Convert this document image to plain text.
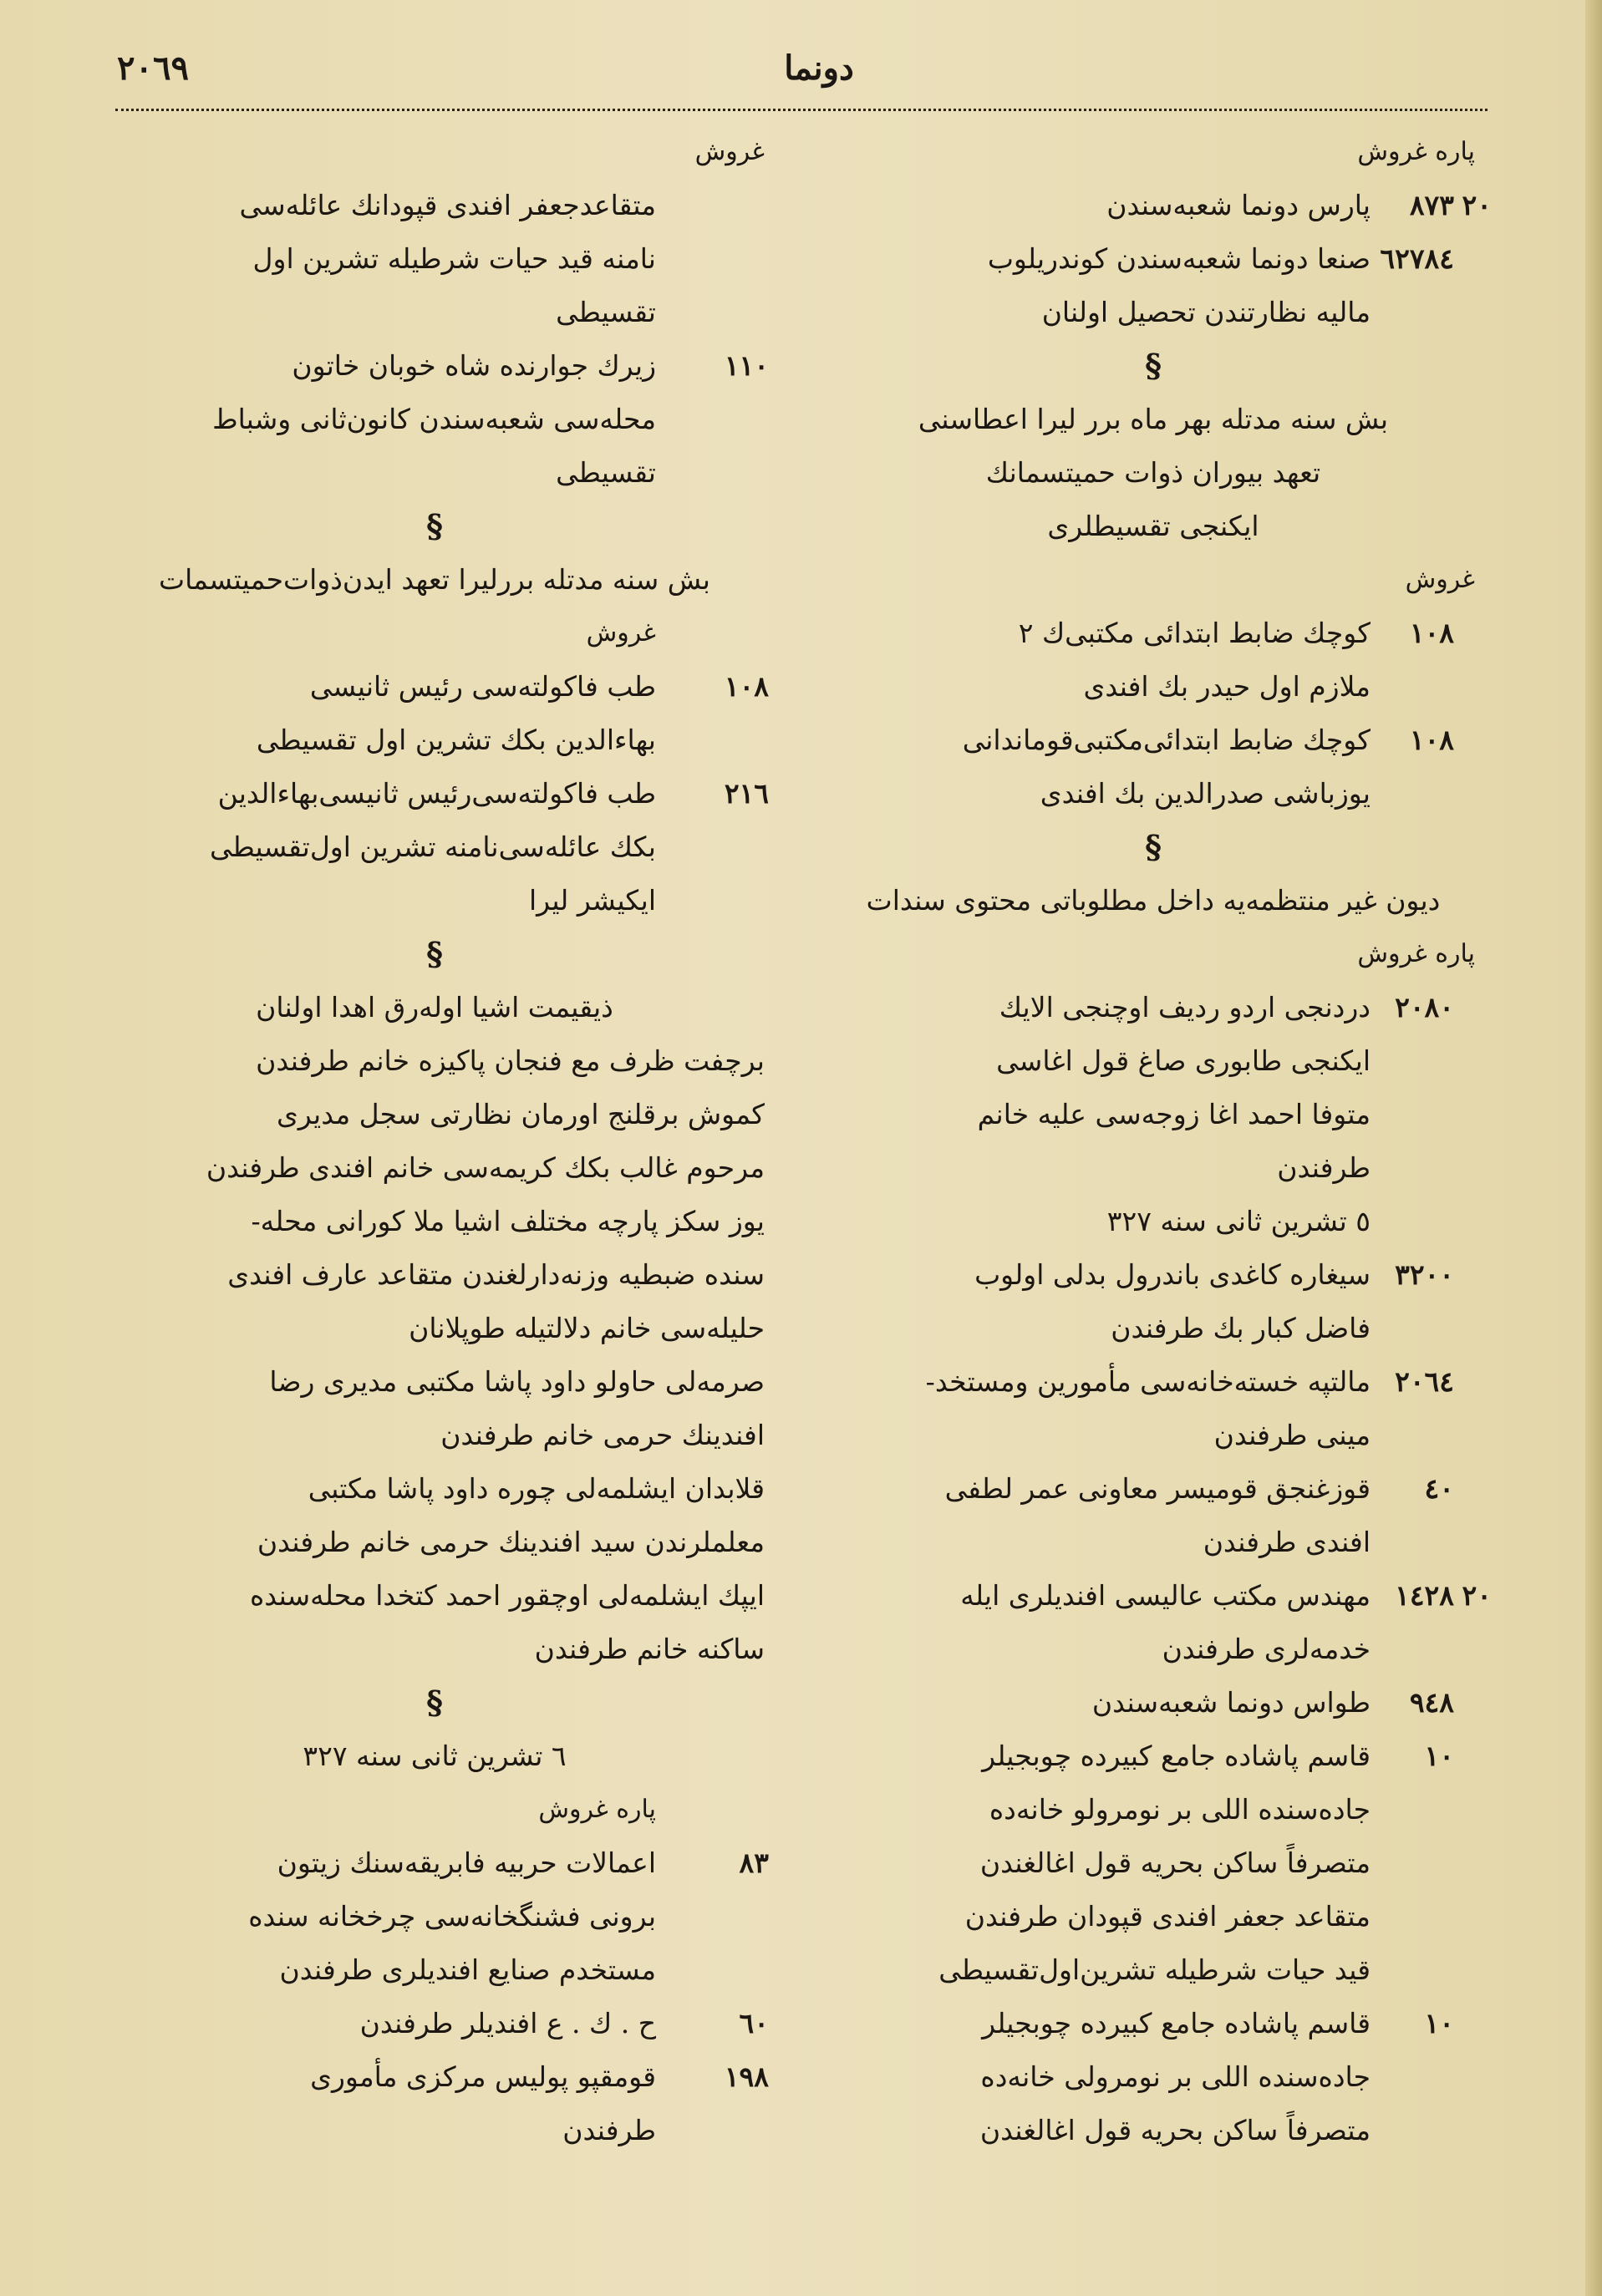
٢٠٦٩	دونما
پاره غروش
پارس دونما شعبه‌سندن	٨٧٣ ٢٠
صنعا دونما شعبه‌سندن کوندریلوب ٦٢٧٨٤
مالیه نظارتندن تحصیل اولنان
§
بش سنه مدتله بهر ماه برر لیرا اعطاسنی
تعهد بیوران ذوات حمیتسمانك
ایکنجی تقسیطلری
غروش
کوچك ضابط ابتدائی مکتبی‌ك ٢	١٠٨
ملازم اول حیدر بك افندی
کوچك ضابط ابتدائی‌مکتبی‌قوماندانی	١٠٨
یوزباشی صدرالدین بك افندی
§
دیون غیر منتظمه‌یه داخل مطلوباتی محتوی سندات
پاره غروش
دردنجی اردو ردیف اوچنجی الایك ٢٠٨٠
ایکنجی طابوری صاغ قول اغاسی
متوفا احمد اغا زوجه‌سی علیه خانم
طرفندن
٥ تشرین ثانی سنه ٣٢٧
سیغاره کاغدی باندرول بدلی اولوب ٣٢٠٠
فاضل کبار بك طرفندن
مالتپه خسته‌خانه‌سی مأمورین ومستخد- ٢٠٦٤
مینی طرفندن
قوزغنجق قومیسر معاونی عمر لطفی	٤٠
افندی طرفندن
مهندس مکتب عالیسی افندیلری ایله ١٤٢٨ ٢٠
خدمه‌لری طرفندن
طواس دونما شعبه‌سندن	٩٤٨
قاسم پاشاده جامع کبیرده چوبجیلر	١٠
جاده‌سنده اللی بر نومرولو خانه‌ده
متصرفاً ساکن بحریه قول اغالغندن
متقاعد جعفر افندی قپودان طرفندن
قید حیات شرطیله تشرین‌اول‌تقسیطی
قاسم پاشاده جامع کبیرده چوبجیلر	١٠
جاده‌سنده اللی بر نومرولی خانه‌ده
متصرفاً ساکن بحریه قول اغالغندن
غروش
متقاعدجعفر افندی قپودانك عائله‌سی
نامنه قید حیات شرطیله تشرین اول
تقسیطی
زیرك جوارنده شاه خوبان خاتون	١١٠
محله‌سی شعبه‌سندن کانون‌ثانی وشباط
تقسیطی
§
بش سنه مدتله بررلیرا تعهد ایدن‌ذوات‌حمیتسمات
غروش
طب فاکولته‌سی رئیس ثانیسی	١٠٨
بهاءالدین بکك تشرین اول تقسیطی
طب فاکولته‌سی‌رئیس ثانیسی‌بهاءالدین	٢١٦
بکك عائله‌سی‌نامنه تشرین اول‌تقسیطی
ایکیشر لیرا
§
ذیقیمت اشیا اوله‌رق اهدا اولنان
برچفت ظرف مع فنجان پاکیزه خانم طرفندن
کموش برقلنج اورمان نظارتی سجل مدیری
مرحوم غالب بکك کریمه‌سی خانم افندی طرفندن
یوز سکز پارچه مختلف اشیا ملا کورانی محله-
سنده ضبطیه وزنه‌دارلغندن متقاعد عارف افندی
حلیله‌سی خانم دلالتیله طوپلانان
صرمه‌لی حاولو داود پاشا مکتبی مدیری رضا
افندینك حرمی خانم طرفندن
قلابدان ایشلمه‌لی چوره داود پاشا مکتبی
معلملرندن سید افندینك حرمی خانم طرفندن
ایپك ایشلمه‌لی اوچقور احمد کتخدا محله‌سنده
ساکنه خانم طرفندن
§
٦ تشرین ثانی سنه ٣٢٧
پاره غروش
اعمالات حربیه فابریقه‌سنك زیتون	٨٣
برونی فشنگخانه‌سی چرخخانه سنده
مستخدم صنایع افندیلری طرفندن
ح . ك . ع افندیلر طرفندن	٦٠
قومقپو پولیس مرکزی مأموری	١٩٨
طرفندن
